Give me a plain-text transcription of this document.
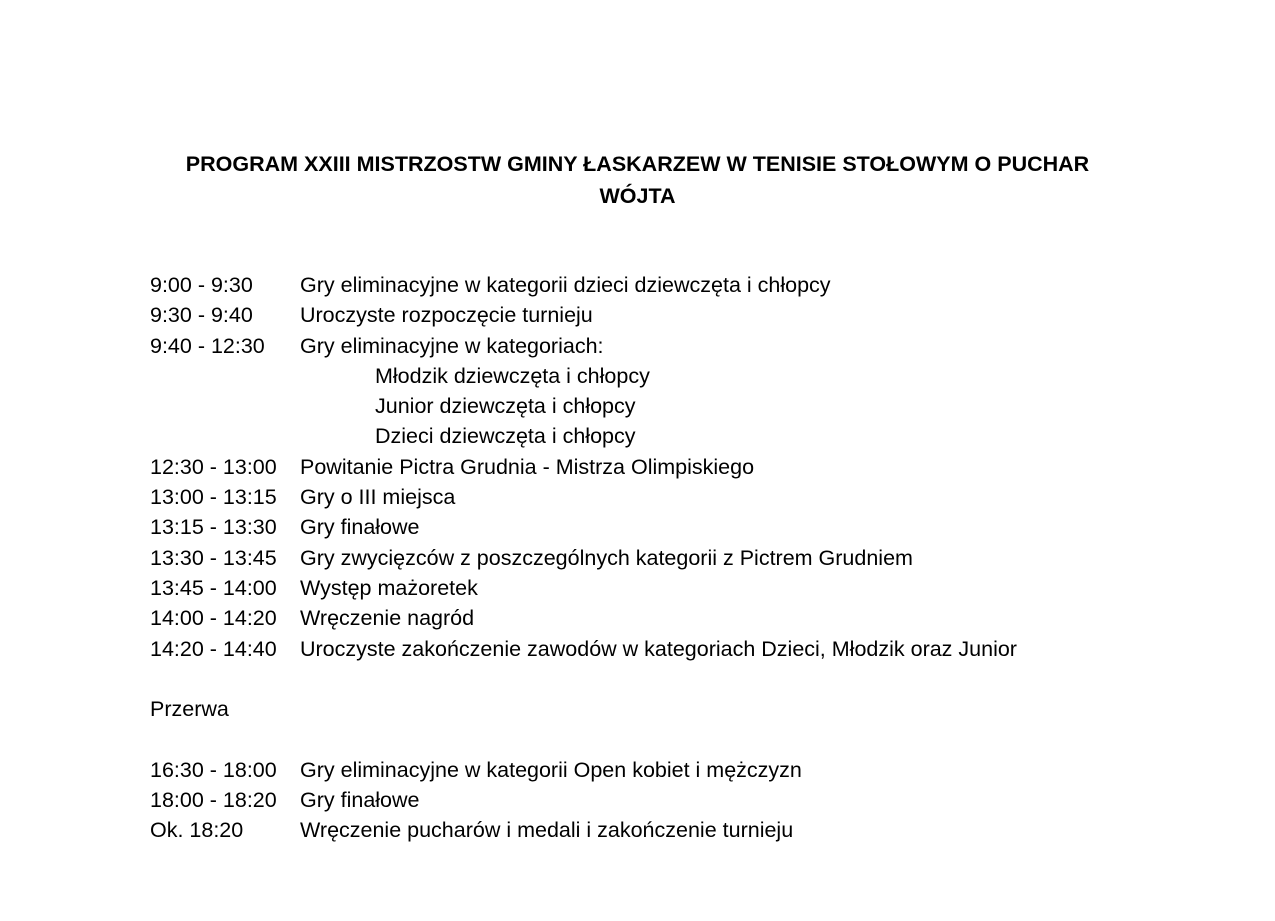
PROGRAM XXIII MISTRZOSTW GMINY ŁASKARZEW W TENISIE STOŁOWYM O PUCHAR
WÓJTA
9:00 - 9:30 Gry eliminacyjne w kategorii dzieci dziewczęta i chłopcy
9:30 - 9:40 Uroczyste rozpoczęcie turnieju
9:40 - 12:30 Gry eliminacyjne w kategoriach:
Młodzik dziewczęta i chłopcy
Junior dziewczęta i chłopcy
Dzieci dziewczęta i chłopcy
12:30 - 13:00 Powitanie Pictra Grudnia - Mistrza Olimpiskiego
13:00 - 13:15 Gry o III miejsca
13:15 - 13:30 Gry finałowe
13:30 - 13:45 Gry zwycięzców z poszczególnych kategorii z Pictrem Grudniem
13:45 - 14:00 Występ mażoretek
14:00 - 14:20 Wręczenie nagród
14:20 - 14:40 Uroczyste zakończenie zawodów w kategoriach Dzieci, Młodzik oraz Junior
Przerwa
16:30 - 18:00 Gry eliminacyjne w kategorii Open kobiet i mężczyzn
18:00 - 18:20 Gry finałowe
Ok. 18:20	Wręczenie pucharów i medali i zakończenie turnieju
